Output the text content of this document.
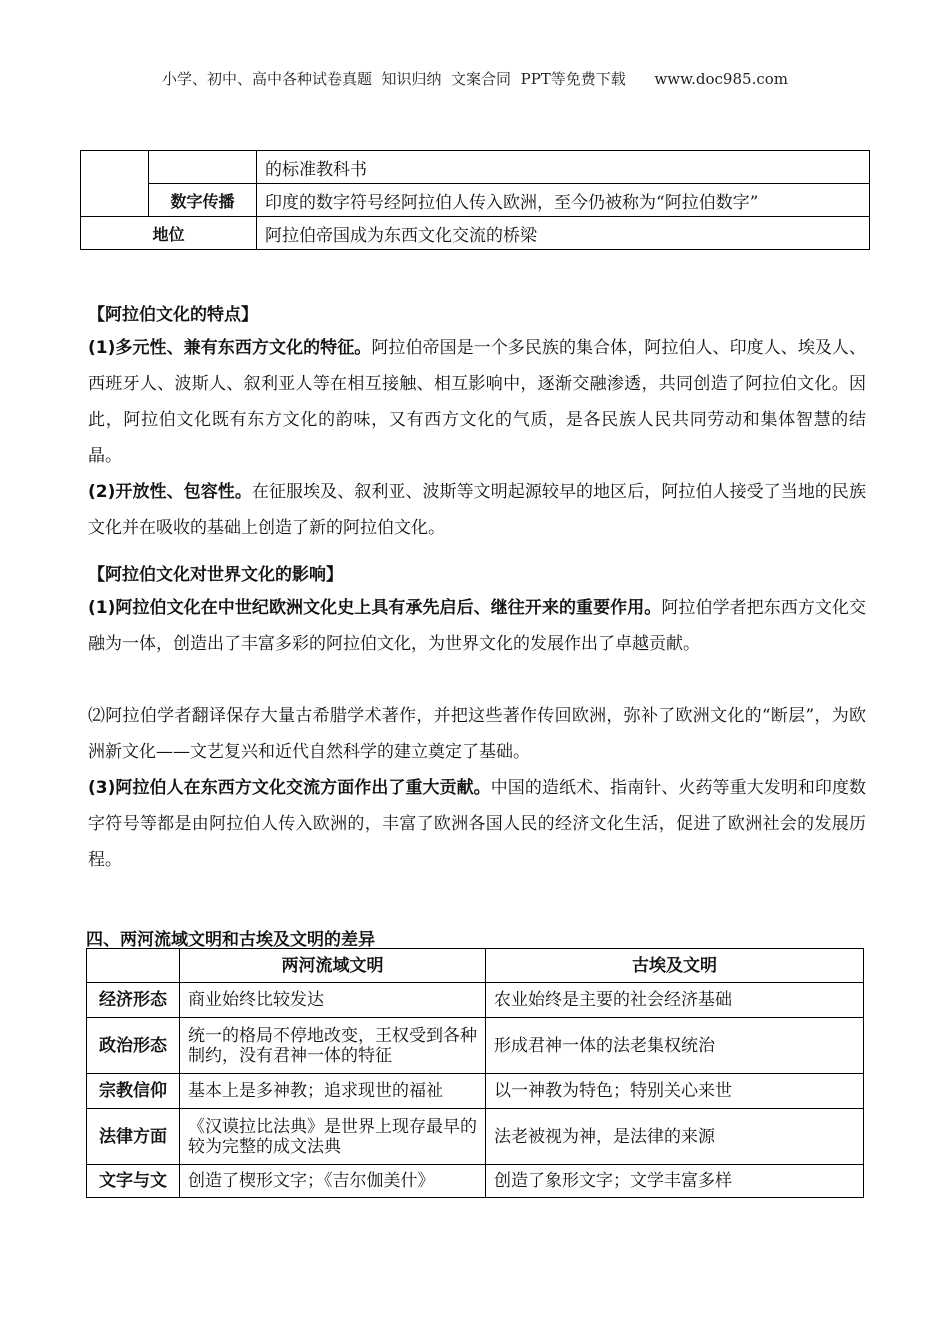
小学、初中、高中各种试卷真题  知识归纳  文案合同  PPT等免费下载      www.doc985.com
		的标准教科书
	数字传播	印度的数字符号经阿拉伯人传入欧洲，至今仍被称为“阿拉伯数字”
地位		阿拉伯帝国成为东西文化交流的桥梁
【阿拉伯文化的特点】

(1)多元性、兼有东西方文化的特征。阿拉伯帝国是一个多民族的集合体，阿拉伯人、印度人、埃及人、西班牙人、波斯人、叙利亚人等在相互接触、相互影响中，逐渐交融渗透，共同创造了阿拉伯文化。因此，阿拉伯文化既有东方文化的韵味，又有西方文化的气质，是各民族人民共同劳动和集体智慧的结晶。

(2)开放性、包容性。在征服埃及、叙利亚、波斯等文明起源较早的地区后，阿拉伯人接受了当地的民族文化并在吸收的基础上创造了新的阿拉伯文化。

【阿拉伯文化对世界文化的影响】

(1)阿拉伯文化在中世纪欧洲文化史上具有承先启后、继往开来的重要作用。阿拉伯学者把东西方文化交融为一体，创造出了丰富多彩的阿拉伯文化，为世界文化的发展作出了卓越贡献。

⑵阿拉伯学者翻译保存大量古希腊学术著作，并把这些著作传回欧洲，弥补了欧洲文化的“断层”，为欧洲新文化——文艺复兴和近代自然科学的建立奠定了基础。

(3)阿拉伯人在东西方文化交流方面作出了重大贡献。中国的造纸术、指南针、火药等重大发明和印度数字符号等都是由阿拉伯人传入欧洲的，丰富了欧洲各国人民的经济文化生活，促进了欧洲社会的发展历程。

四、两河流域文明和古埃及文明的差异
	两河流域文明	古埃及文明
经济形态	商业始终比较发达	农业始终是主要的社会经济基础
政治形态	统一的格局不停地改变，王权受到各种制约，没有君神一体的特征	形成君神一体的法老集权统治
宗教信仰	基本上是多神教；追求现世的福祉	以一神教为特色；特别关心来世
法律方面	《汉谟拉比法典》是世界上现存最早的较为完整的成文法典	法老被视为神，是法律的来源
文字与文	创造了楔形文字；《吉尔伽美什》	创造了象形文字；文学丰富多样
